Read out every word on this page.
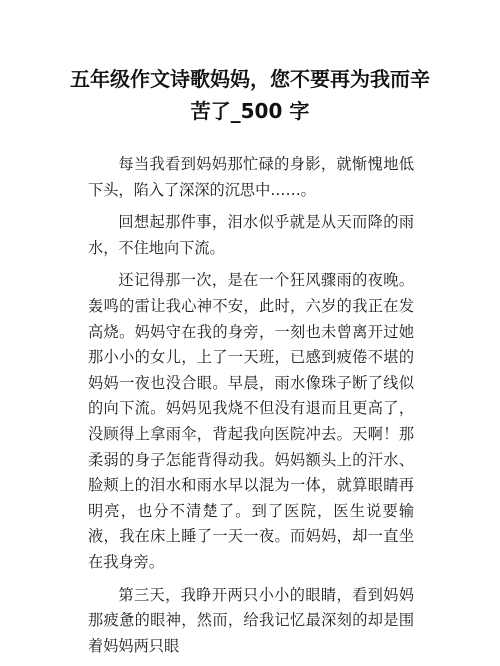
五年级作文诗歌妈妈，您不要再为我而辛苦了_500 字

每当我看到妈妈那忙碌的身影，就惭愧地低下头，陷入了深深的沉思中……。

回想起那件事，泪水似乎就是从天而降的雨水，不住地向下流。

还记得那一次，是在一个狂风骤雨的夜晚。轰鸣的雷让我心神不安，此时，六岁的我正在发高烧。妈妈守在我的身旁，一刻也未曾离开过她那小小的女儿，上了一天班，已感到疲倦不堪的妈妈一夜也没合眼。早晨，雨水像珠子断了线似的向下流。妈妈见我烧不但没有退而且更高了，没顾得上拿雨伞，背起我向医院冲去。天啊！那柔弱的身子怎能背得动我。妈妈额头上的汗水、脸颊上的泪水和雨水早以混为一体，就算眼睛再明亮，也分不清楚了。到了医院，医生说要输液，我在床上睡了一天一夜。而妈妈，却一直坐在我身旁。

第三天，我睁开两只小小的眼睛，看到妈妈那疲惫的眼神，然而，给我记忆最深刻的却是围着妈妈两只眼
